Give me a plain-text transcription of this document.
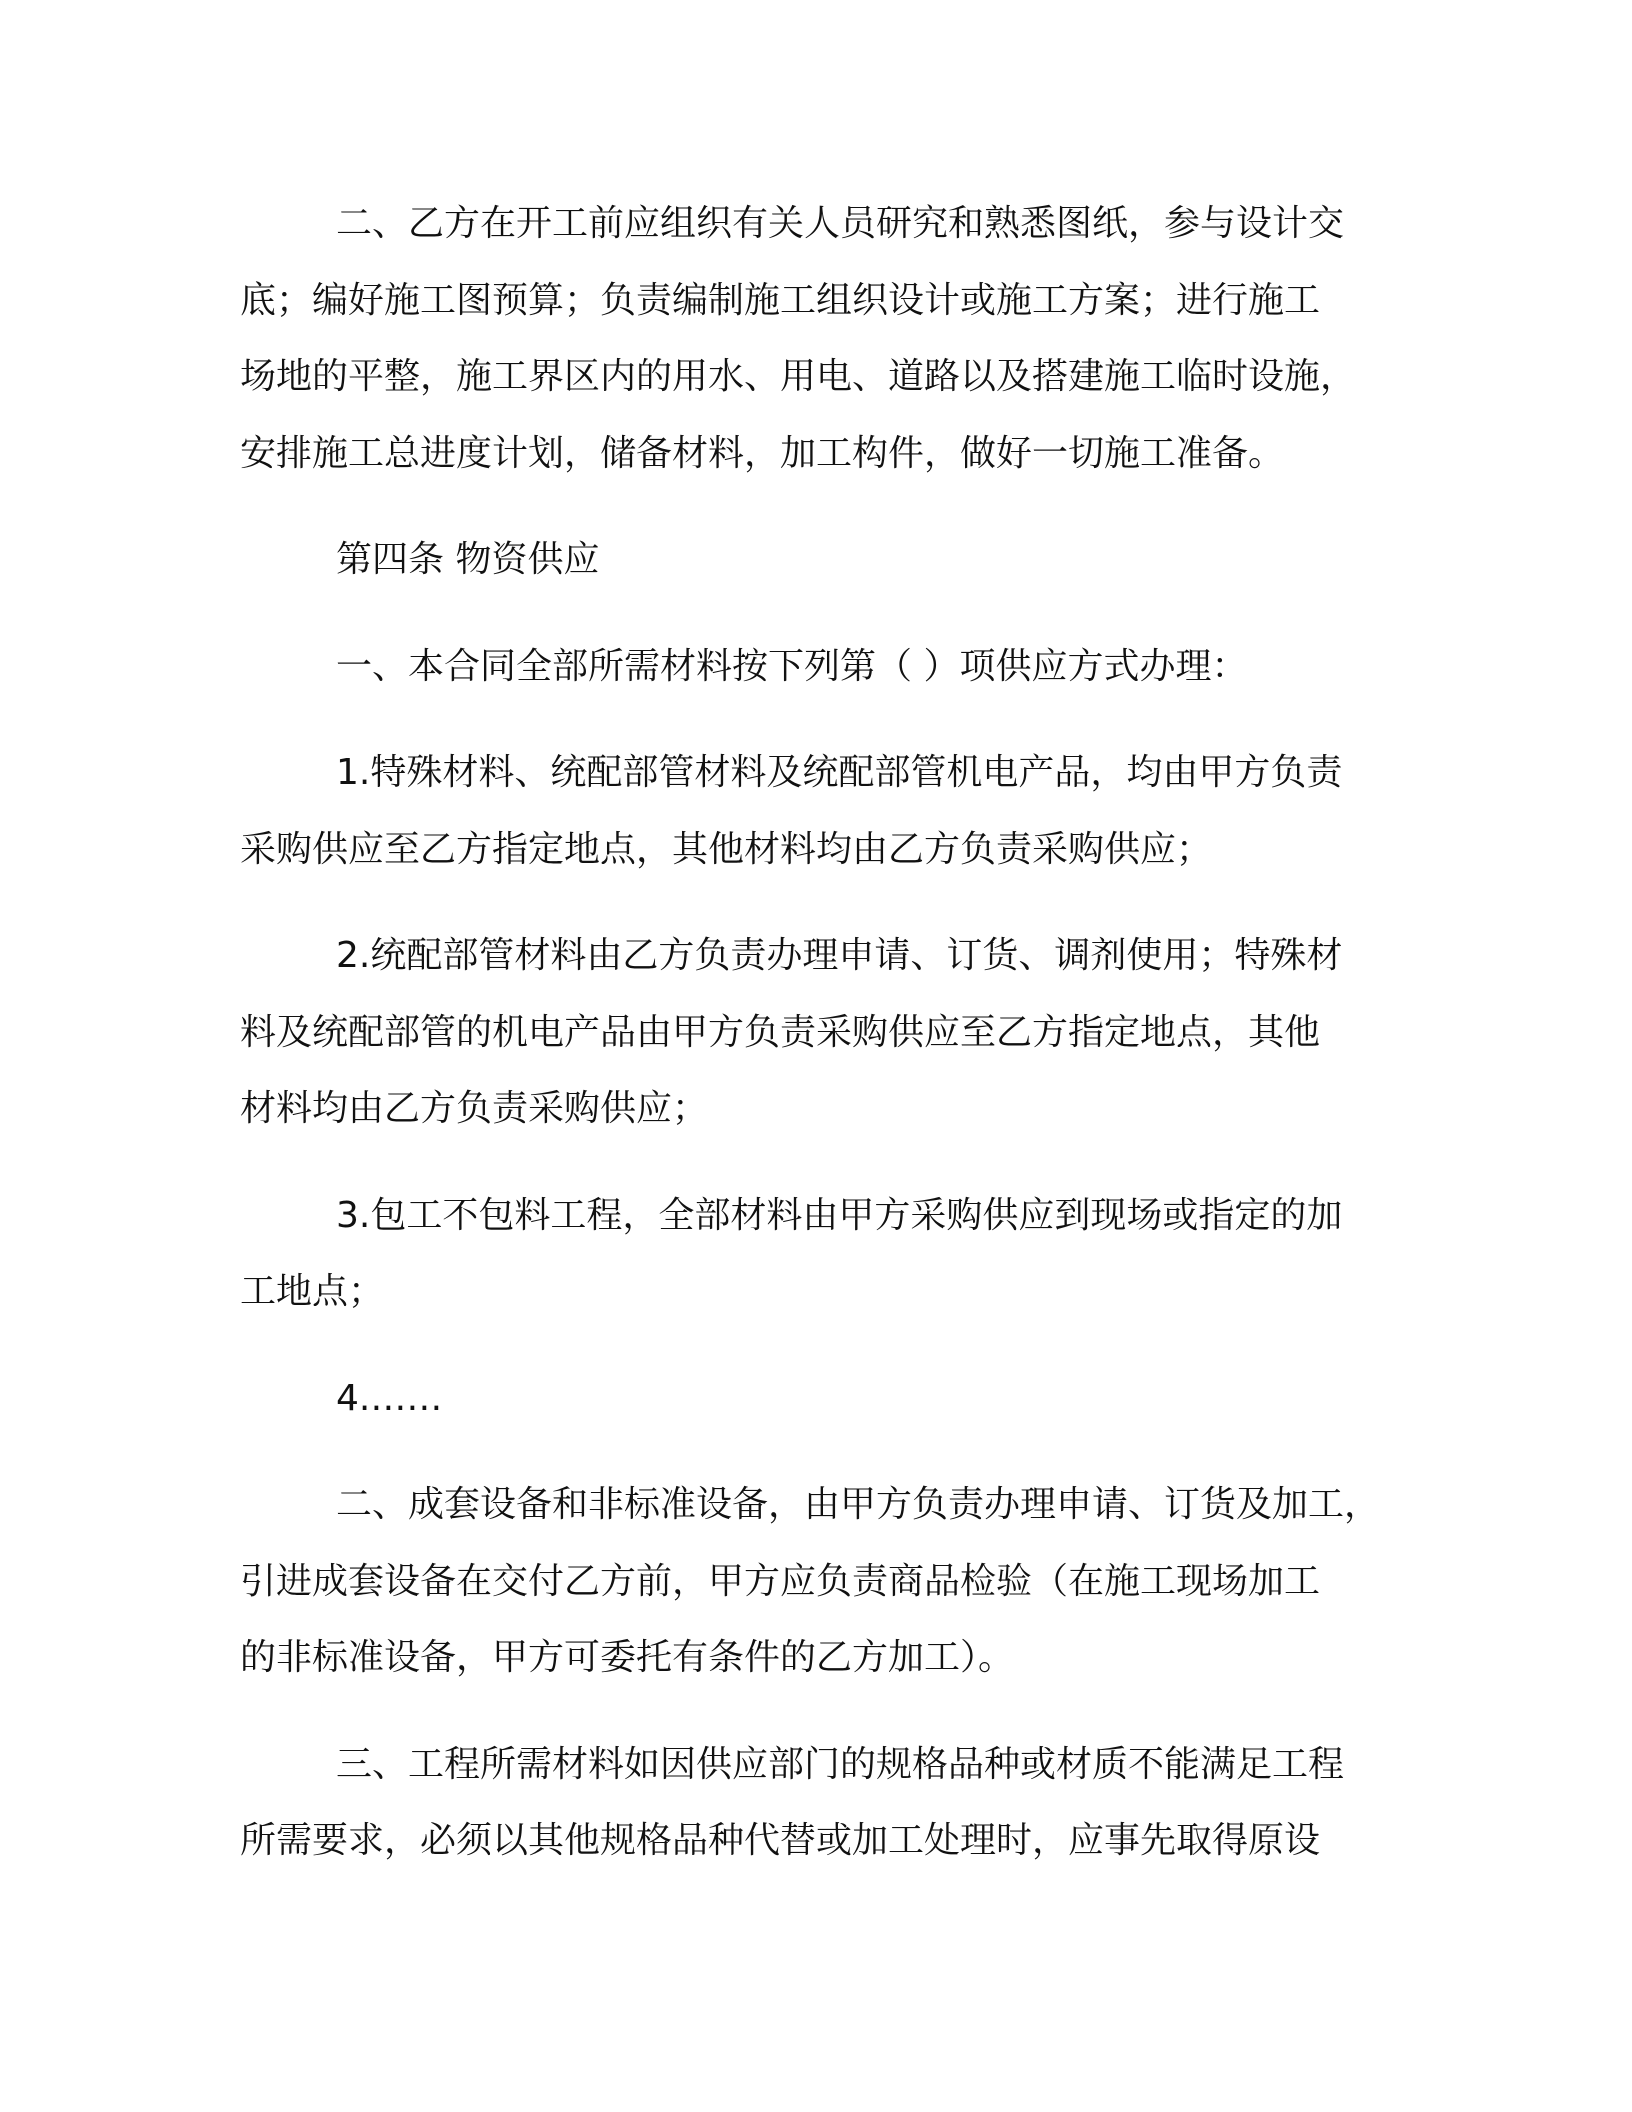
二、乙方在开工前应组织有关人员研究和熟悉图纸，参与设计交
底；编好施工图预算；负责编制施工组织设计或施工方案；进行施工
场地的平整，施工界区内的用水、用电、道路以及搭建施工临时设施，
安排施工总进度计划，储备材料，加工构件，做好一切施工准备。

第四条 物资供应

一、本合同全部所需材料按下列第（ ）项供应方式办理：

1.特殊材料、统配部管材料及统配部管机电产品，均由甲方负责
采购供应至乙方指定地点，其他材料均由乙方负责采购供应；

2.统配部管材料由乙方负责办理申请、订货、调剂使用；特殊材
料及统配部管的机电产品由甲方负责采购供应至乙方指定地点，其他
材料均由乙方负责采购供应；

3.包工不包料工程，全部材料由甲方采购供应到现场或指定的加
工地点；

4.……

二、成套设备和非标准设备，由甲方负责办理申请、订货及加工，
引进成套设备在交付乙方前，甲方应负责商品检验（在施工现场加工
的非标准设备，甲方可委托有条件的乙方加工）。

三、工程所需材料如因供应部门的规格品种或材质不能满足工程
所需要求，必须以其他规格品种代替或加工处理时，应事先取得原设
